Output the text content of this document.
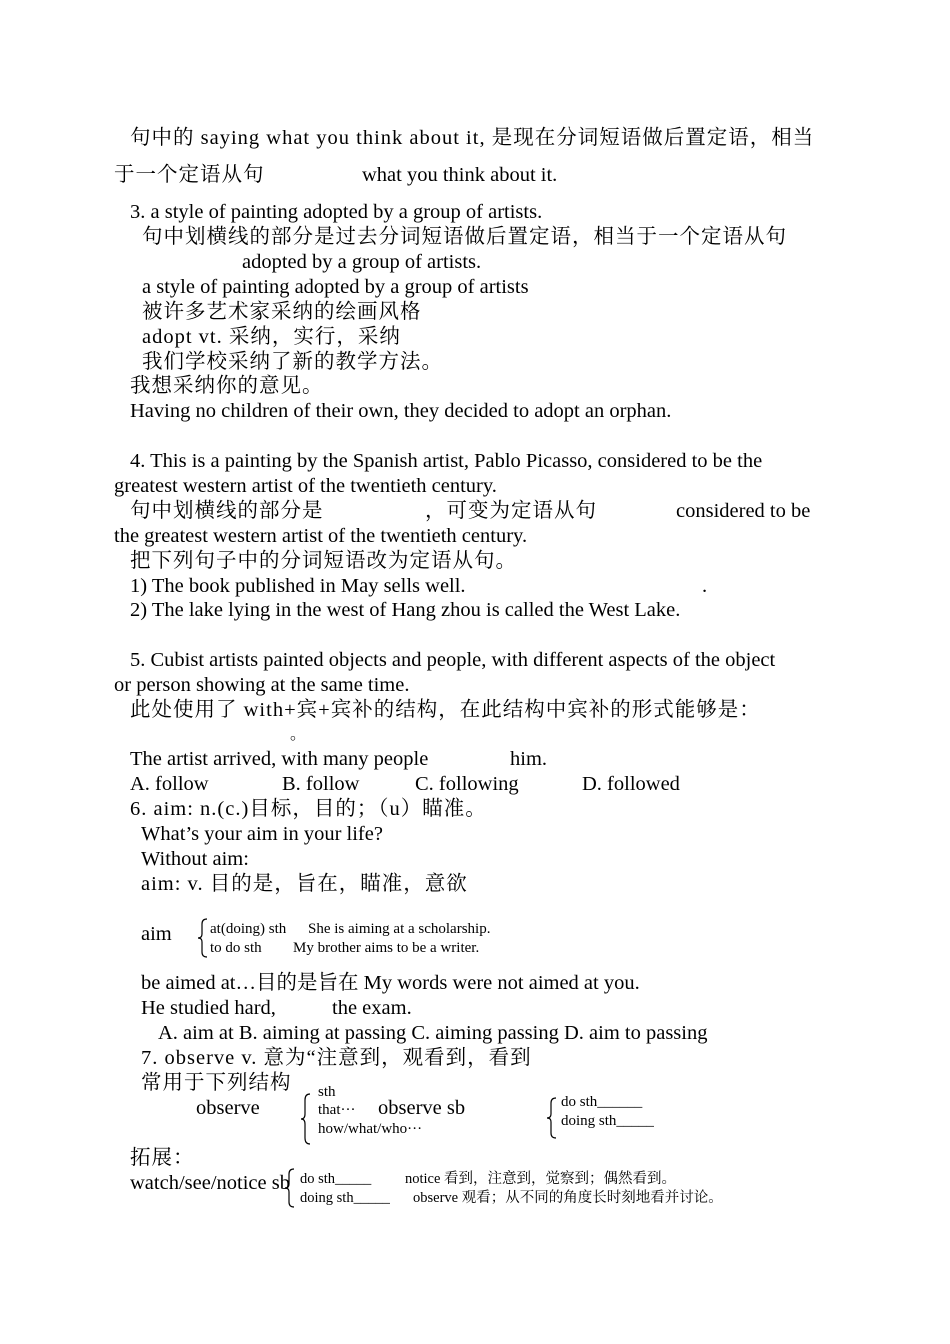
句中的 saying what you think about it, 是现在分词短语做后置定语，相当
于一个定语从句	what you think about it.
3. a style of painting adopted by a group of artists.
句中划横线的部分是过去分词短语做后置定语，相当于一个定语从句
adopted by a group of artists.
a style of painting adopted by a group of artists
被许多艺术家采纳的绘画风格
adopt vt. 采纳，实行，采纳
我们学校采纳了新的教学方法。
我想采纳你的意见。
Having no children of their own, they decided to adopt an orphan.
4. This is a painting by the Spanish artist, Pablo Picasso, considered to be the
greatest western artist of the twentieth century.
句中划横线的部分是	，可变为定语从句	considered to be
the greatest western artist of the twentieth century.
把下列句子中的分词短语改为定语从句。
1) The book published in May sells well.	.
2) The lake lying in the west of Hang zhou is called the West Lake.
5. Cubist artists painted objects and people, with different aspects of the object
or person showing at the same time.
此处使用了 with+宾+宾补的结构，在此结构中宾补的形式能够是：
。
The artist arrived, with many people	him.
A. follow	B. follow	C. following	D. followed
6. aim: n.(c.)目标，目的；（u）瞄准。
What’s your aim in your life?
Without aim:
aim: v. 目的是，旨在，瞄准，意欲
aim	at(doing) sth She is aiming at a scholarship.
to do sth My brother aims to be a writer.
be aimed at…目的是旨在 My words were not aimed at you.
He studied hard,	the exam.
A. aim at B. aiming at passing C. aiming passing D. aim to passing
7. observe v. 意为“注意到，观看到，看到
常用于下列结构
observe
sth
that···
how/what/who···
observe sb	do sth______
doing sth_____
拓展：
watch/see/notice sb do sth_____ notice 看到，注意到，觉察到；偶然看到。
doing sth_____ observe 观看；从不同的角度长时刻地看并讨论。
